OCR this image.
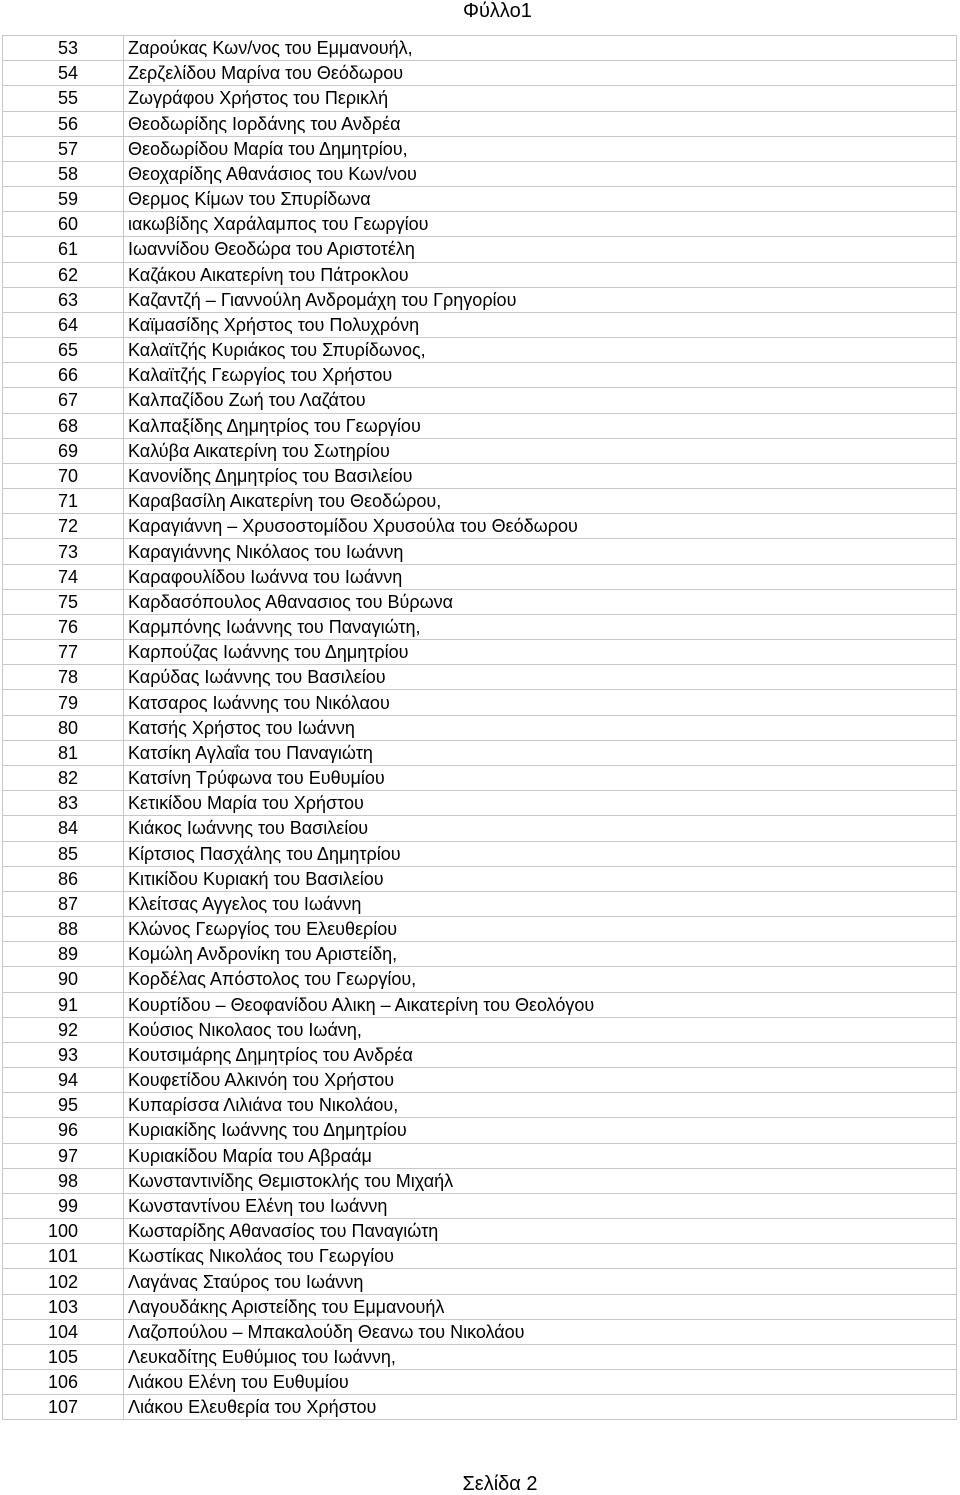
Φύλλο1
53	Ζαρούκας Κων/νος του Εμμανουήλ,
54	Ζερζελίδου Μαρίνα του Θεόδωρου
55	Ζωγράφου Χρήστος του Περικλή
56	Θεοδωρίδης Ιορδάνης του Ανδρέα
57	Θεοδωρίδου Μαρία του Δημητρίου,
58	Θεοχαρίδης Αθανάσιος του Κων/νου
59	Θερμος Κίμων του Σπυρίδωνα
60	ιακωβίδης Χαράλαμπος του Γεωργίου
61	Ιωαννίδου Θεοδώρα του Αριστοτέλη
62	Καζάκου Αικατερίνη του Πάτροκλου
63	Καζαντζή – Γιαννούλη Ανδρομάχη του Γρηγορίου
64	Καϊμασίδης Χρήστος του Πολυχρόνη
65	Καλαϊτζής Κυριάκος του Σπυρίδωνος,
66	Καλαϊτζής Γεωργίος του Χρήστου
67	Καλπαζίδου Ζωή του Λαζάτου
68	Καλπαξίδης Δημητρίος του Γεωργίου
69	Καλύβα Αικατερίνη του Σωτηρίου
70	Κανονίδης Δημητρίος του Βασιλείου
71	Καραβασίλη Αικατερίνη του Θεοδώρου,
72	Καραγιάννη – Χρυσοστομίδου Χρυσούλα του Θεόδωρου
73	Καραγιάννης Νικόλαος του Ιωάννη
74	Καραφουλίδου Ιωάννα του Ιωάννη
75	Καρδασόπουλος Αθανασιος του Βύρωνα
76	Καρμπόνης Ιωάννης του Παναγιώτη,
77	Καρπούζας Ιωάννης του Δημητρίου
78	Καρύδας Ιωάννης του Βασιλείου
79	Κατσαρος Ιωάννης του Νικόλαου
80	Κατσής Χρήστος του Ιωάννη
81	Κατσίκη Αγλαΐα του Παναγιώτη
82	Κατσίνη Τρύφωνα του Ευθυμίου
83	Κετικίδου Μαρία του Χρήστου
84	Κιάκος Ιωάννης του Βασιλείου
85	Κίρτσιος Πασχάλης του Δημητρίου
86	Κιτικίδου Κυριακή του Βασιλείου
87	Κλείτσας Αγγελος του Ιωάννη
88	Κλώνος Γεωργίος του Ελευθερίου
89	Κομώλη Ανδρονίκη του Αριστείδη,
90	Κορδέλας Απόστολος του Γεωργίου,
91	Κουρτίδου – Θεοφανίδου Αλικη – Αικατερίνη του Θεολόγου
92	Κούσιος Νικολαος του Ιωάνη,
93	Κουτσιμάρης Δημητρίος του Ανδρέα
94	Κουφετίδου Αλκινόη του Χρήστου
95	Κυπαρίσσα Λιλιάνα του Νικολάου,
96	Κυριακίδης Ιωάννης του Δημητρίου
97	Κυριακίδου Μαρία του Αβραάμ
98	Κωνσταντινίδης Θεμιστοκλής του Μιχαήλ
99	Κωνσταντίνου Ελένη του Ιωάννη
100	Κωσταρίδης Αθανασίος του Παναγιώτη
101	Κωστίκας Νικολάος του Γεωργίου
102	Λαγάνας Σταύρος του Ιωάννη
103	Λαγουδάκης Αριστείδης του Εμμανουήλ
104	Λαζοπούλου – Μπακαλούδη Θεανω του Νικολάου
105	Λευκαδίτης Ευθύμιος του Ιωάννη,
106	Λιάκου Ελένη του Ευθυμίου
107	Λιάκου Ελευθερία του Χρήστου
Σελίδα 2
